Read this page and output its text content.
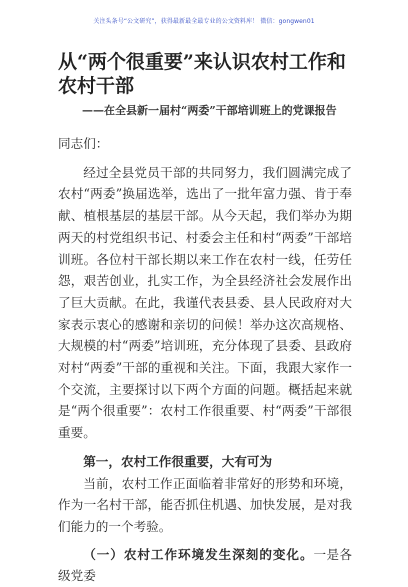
关注头条号“公文研究”，获得最新最全最专业的公文资料库！ 微信：gongwen01
从“两个很重要”来认识农村工作和农村干部

——在全县新一届村“两委”干部培训班上的党课报告

同志们：

经过全县党员干部的共同努力，我们圆满完成了农村“两委”换届选举，选出了一批年富力强、肯于奉献、植根基层的基层干部。从今天起，我们举办为期两天的村党组织书记、村委会主任和村“两委”干部培训班。各位村干部长期以来工作在农村一线，任劳任怨，艰苦创业，扎实工作，为全县经济社会发展作出了巨大贡献。在此，我谨代表县委、县人民政府对大家表示衷心的感谢和亲切的问候！举办这次高规格、大规模的村“两委”培训班，充分体现了县委、县政府对村“两委”干部的重视和关注。下面，我跟大家作一个交流，主要探讨以下两个方面的问题。概括起来就是“两个很重要”：农村工作很重要、村“两委”干部很重要。

第一，农村工作很重要，大有可为

当前，农村工作正面临着非常好的形势和环境，作为一名村干部，能否抓住机遇、加快发展，是对我们能力的一个考验。

（一）农村工作环境发生深刻的变化。一是各级党委
